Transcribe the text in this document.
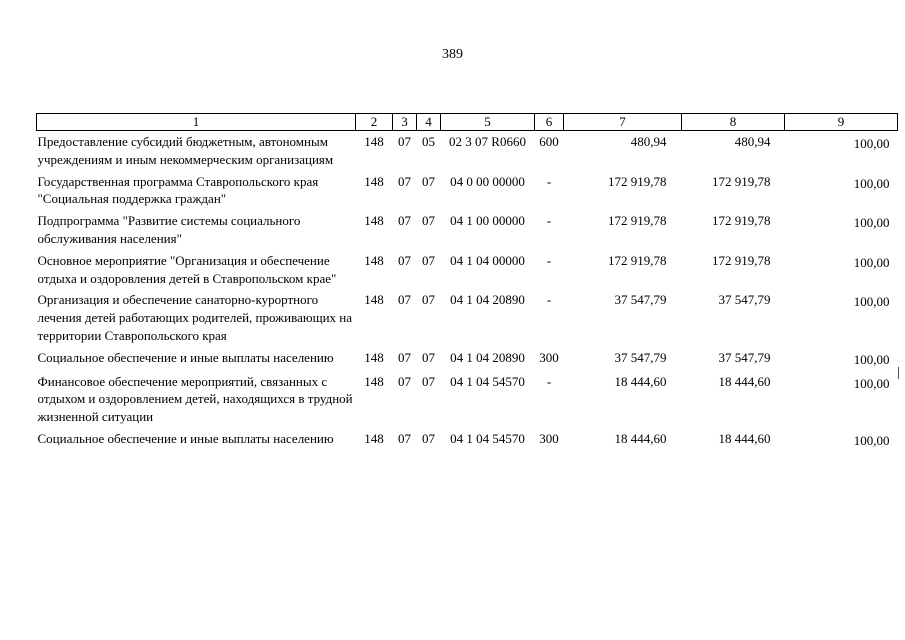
389
1	2	3	4	5	6	7	8	9
Предоставление субсидий бюджетным, автономным учреждениям и иным некоммерческим организациям	148	07	05	02 3 07 R0660	600	480,94	480,94	100,00
Государственная программа Ставропольского края "Социальная поддержка граждан"	148	07	07	04 0 00 00000	-	172 919,78	172 919,78	100,00
Подпрограмма "Развитие системы социального обслуживания населения"	148	07	07	04 1 00 00000	-	172 919,78	172 919,78	100,00
Основное мероприятие "Организация и обеспечение отдыха и оздоровления детей в Ставропольском крае"	148	07	07	04 1 04 00000	-	172 919,78	172 919,78	100,00
Организация и обеспечение санаторно-курортного лечения детей работающих родителей, проживающих на территории Ставропольского края	148	07	07	04 1 04 20890	-	37 547,79	37 547,79	100,00
Социальное обеспечение и иные выплаты населению	148	07	07	04 1 04 20890	300	37 547,79	37 547,79	100,00
Финансовое обеспечение мероприятий, связанных с отдыхом и оздоровлением детей, находящихся в трудной жизненной ситуации	148	07	07	04 1 04 54570	-	18 444,60	18 444,60	100,00
Социальное обеспечение и иные выплаты населению	148	07	07	04 1 04 54570	300	18 444,60	18 444,60	100,00
